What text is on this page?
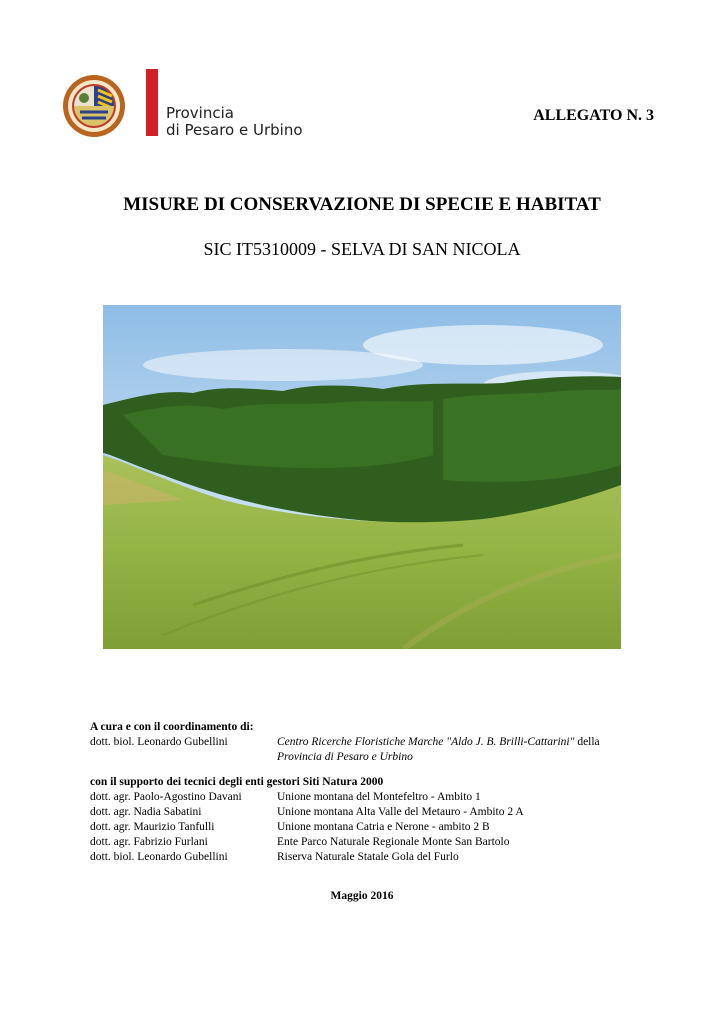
Provincia
di Pesaro e Urbino
ALLEGATO N. 3
MISURE DI CONSERVAZIONE DI SPECIE E HABITAT
SIC IT5310009 - SELVA DI SAN NICOLA
A cura e con il coordinamento di:
dott. biol. Leonardo Gubellini	Centro Ricerche Floristiche Marche "Aldo J. B. Brilli-Cattarini" della
Provincia di Pesaro e Urbino
con il supporto dei tecnici degli enti gestori Siti Natura 2000
dott. agr. Paolo-Agostino Davani	Unione montana del Montefeltro - Ambito 1
dott. agr. Nadia Sabatini	Unione montana Alta Valle del Metauro - Ambito 2 A
dott. agr. Maurizio Tanfulli	Unione montana Catria e Nerone - ambito 2 B
dott. agr. Fabrizio Furlani	Ente Parco Naturale Regionale Monte San Bartolo
dott. biol. Leonardo Gubellini	Riserva Naturale Statale Gola del Furlo
Maggio 2016
